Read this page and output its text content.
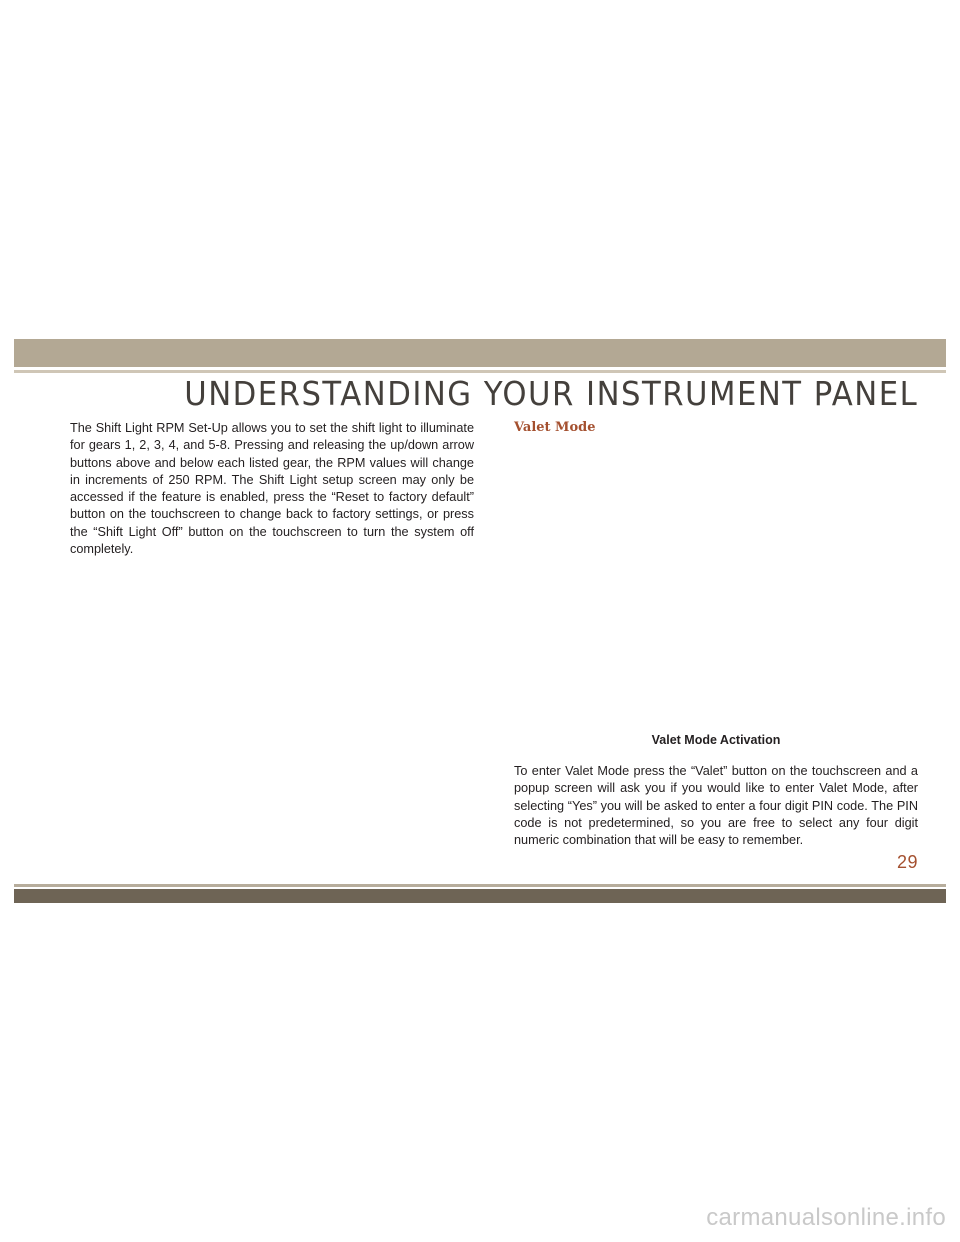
UNDERSTANDING YOUR INSTRUMENT PANEL
The Shift Light RPM Set-Up allows you to set the shift light to illuminate for gears 1, 2, 3, 4, and 5-8. Pressing and releasing the up/down arrow buttons above and below each listed gear, the RPM values will change in increments of 250 RPM. The Shift Light setup screen may only be accessed if the feature is enabled, press the “Reset to factory default” button on the touchscreen to change back to factory settings, or press the “Shift Light Off” button on the touchscreen to turn the system off completely.
Valet Mode
Valet Mode Activation
To enter Valet Mode press the “Valet” button on the touchscreen and a popup screen will ask you if you would like to enter Valet Mode, after selecting “Yes” you will be asked to enter a four digit PIN code. The PIN code is not predetermined, so you are free to select any four digit numeric combination that will be easy to remember.
29
carmanualsonline.info
